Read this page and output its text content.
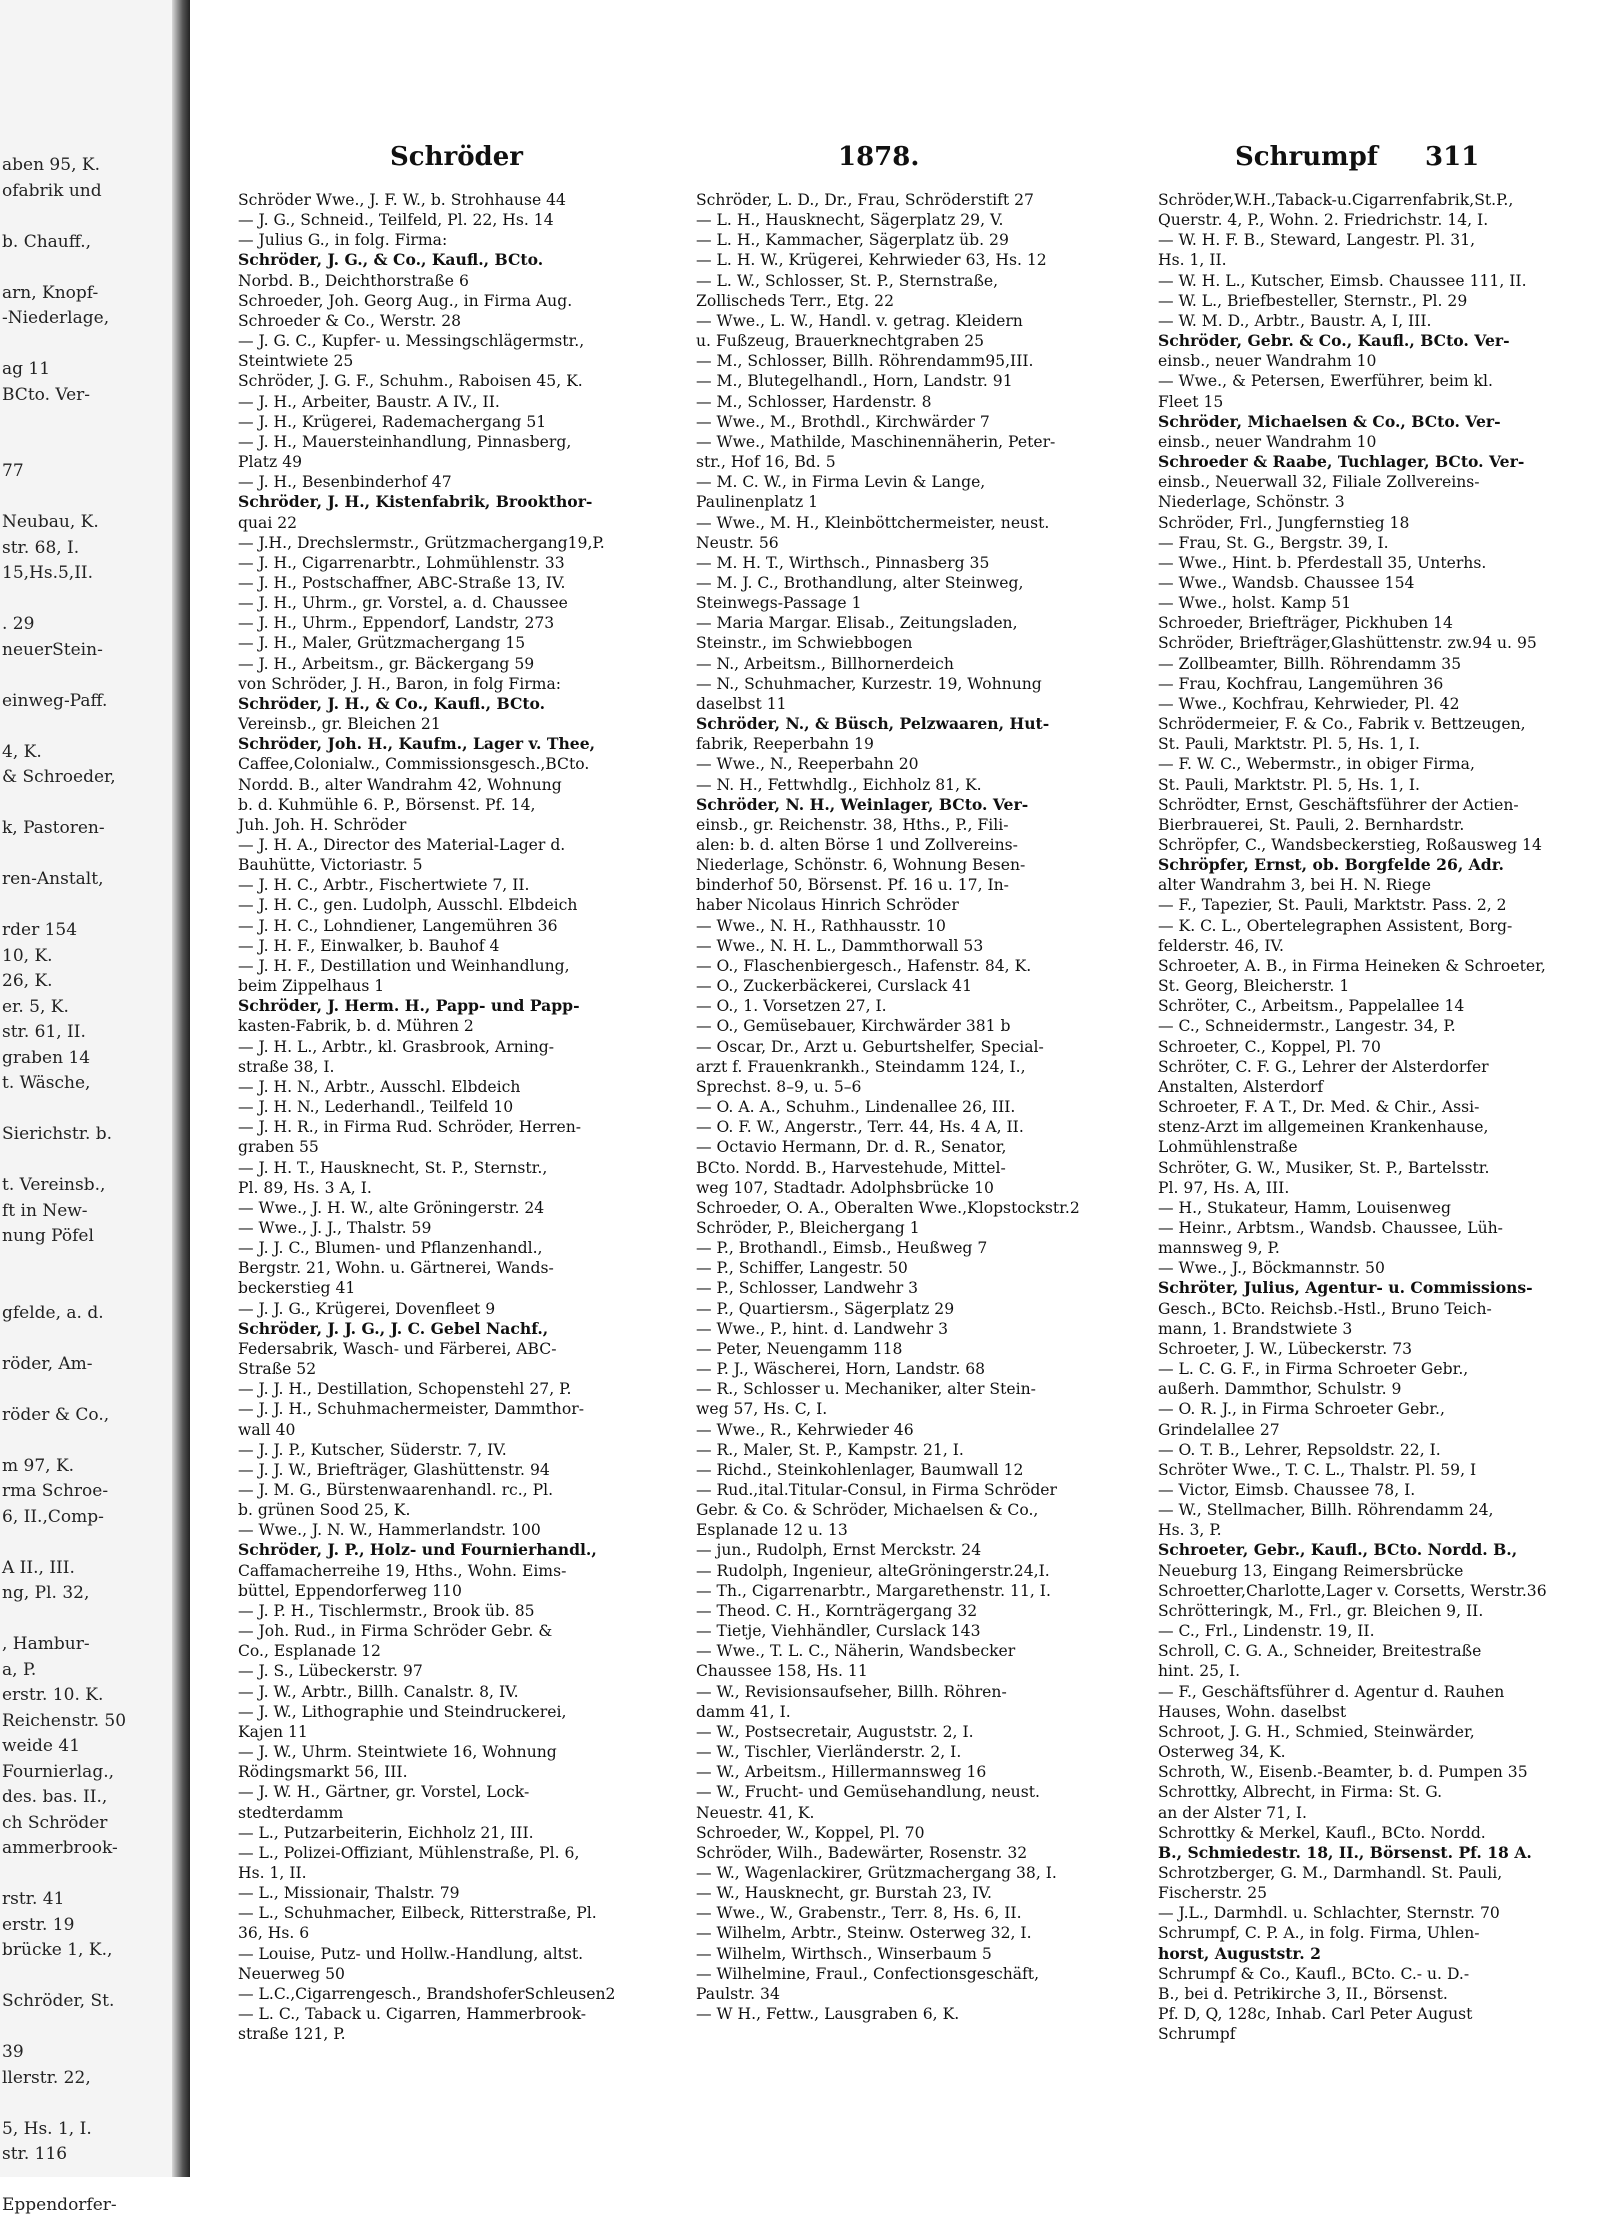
aben 95, K.
ofabrik und
b. Chauff.,
arn, Knopf-
-Niederlage,
ag 11
BCto. Ver-
77
Neubau, K.
str. 68, I.
15,Hs.5,II.
. 29
neuerStein-
einweg-Paff.
4, K.
& Schroeder,
k, Pastoren-
ren-Anstalt,
rder 154
10, K.
26, K.
er. 5, K.
str. 61, II.
graben 14
t. Wäsche,
Sierichstr. b.
t. Vereinsb.,
ft in New-
nung Pöfel
gfelde, a. d.
röder, Am-
röder & Co.,
m 97, K.
rma Schroe-
6, II.,Comp-
A II., III.
ng, Pl. 32,
, Hambur-
a, P.
erstr. 10. K.
Reichenstr. 50
weide 41
Fournierlag.,
des. bas. II.,
ch Schröder
ammerbrook-
rstr. 41
erstr. 19
brücke 1, K.,
Schröder, St.
39
llerstr. 22,
5, Hs. 1, I.
str. 116
Eppendorfer-
Schröder	1878.	Schrumpf 311
Schröder Wwe., J. F. W., b. Strohhause 44
— J. G., Schneid., Teilfeld, Pl. 22, Hs. 14
— Julius G., in folg. Firma:
Schröder, J. G., & Co., Kaufl., BCto.
Norbd. B., Deichthorstraße 6
Schroeder, Joh. Georg Aug., in Firma Aug.
Schroeder & Co., Werstr. 28
— J. G. C., Kupfer- u. Messingschlägermstr.,
Steintwiete 25
Schröder, J. G. F., Schuhm., Raboisen 45, K.
— J. H., Arbeiter, Baustr. A IV., II.
— J. H., Krügerei, Rademachergang 51
— J. H., Mauersteinhandlung, Pinnasberg,
Platz 49
— J. H., Besenbinderhof 47
Schröder, J. H., Kistenfabrik, Brookthor-
quai 22
— J.H., Drechslermstr., Grützmachergang19,P.
— J. H., Cigarrenarbtr., Lohmühlenstr. 33
— J. H., Postschaffner, ABC-Straße 13, IV.
— J. H., Uhrm., gr. Vorstel, a. d. Chaussee
— J. H., Uhrm., Eppendorf, Landstr, 273
— J. H., Maler, Grützmachergang 15
— J. H., Arbeitsm., gr. Bäckergang 59
von Schröder, J. H., Baron, in folg Firma:
Schröder, J. H., & Co., Kaufl., BCto.
Vereinsb., gr. Bleichen 21
Schröder, Joh. H., Kaufm., Lager v. Thee,
Caffee,Colonialw., Commissionsgesch.,BCto.
Nordd. B., alter Wandrahm 42, Wohnung
b. d. Kuhmühle 6. P., Börsenst. Pf. 14,
Juh. Joh. H. Schröder
— J. H. A., Director des Material-Lager d.
Bauhütte, Victoriastr. 5
— J. H. C., Arbtr., Fischertwiete 7, II.
— J. H. C., gen. Ludolph, Ausschl. Elbdeich
— J. H. C., Lohndiener, Langemühren 36
— J. H. F., Einwalker, b. Bauhof 4
— J. H. F., Destillation und Weinhandlung,
beim Zippelhaus 1
Schröder, J. Herm. H., Papp- und Papp-
kasten-Fabrik, b. d. Mühren 2
— J. H. L., Arbtr., kl. Grasbrook, Arning-
straße 38, I.
— J. H. N., Arbtr., Ausschl. Elbdeich
— J. H. N., Lederhandl., Teilfeld 10
— J. H. R., in Firma Rud. Schröder, Herren-
graben 55
— J. H. T., Hausknecht, St. P., Sternstr.,
Pl. 89, Hs. 3 A, I.
— Wwe., J. H. W., alte Gröningerstr. 24
— Wwe., J. J., Thalstr. 59
— J. J. C., Blumen- und Pflanzenhandl.,
Bergstr. 21, Wohn. u. Gärtnerei, Wands-
beckerstieg 41
— J. J. G., Krügerei, Dovenfleet 9
Schröder, J. J. G., J. C. Gebel Nachf.,
Federsabrik, Wasch- und Färberei, ABC-
Straße 52
— J. J. H., Destillation, Schopenstehl 27, P.
— J. J. H., Schuhmachermeister, Dammthor-
wall 40
— J. J. P., Kutscher, Süderstr. 7, IV.
— J. J. W., Briefträger, Glashüttenstr. 94
— J. M. G., Bürstenwaarenhandl. rc., Pl.
b. grünen Sood 25, K.
— Wwe., J. N. W., Hammerlandstr. 100
Schröder, J. P., Holz- und Fournierhandl.,
Caffamacherreihe 19, Hths., Wohn. Eims-
büttel, Eppendorferweg 110
— J. P. H., Tischlermstr., Brook üb. 85
— Joh. Rud., in Firma Schröder Gebr. &
Co., Esplanade 12
— J. S., Lübeckerstr. 97
— J. W., Arbtr., Billh. Canalstr. 8, IV.
— J. W., Lithographie und Steindruckerei,
Kajen 11
— J. W., Uhrm. Steintwiete 16, Wohnung
Rödingsmarkt 56, III.
— J. W. H., Gärtner, gr. Vorstel, Lock-
stedterdamm
— L., Putzarbeiterin, Eichholz 21, III.
— L., Polizei-Offiziant, Mühlenstraße, Pl. 6,
Hs. 1, II.
— L., Missionair, Thalstr. 79
— L., Schuhmacher, Eilbeck, Ritterstraße, Pl.
36, Hs. 6
— Louise, Putz- und Hollw.-Handlung, altst.
Neuerweg 50
— L.C.,Cigarrengesch., BrandshoferSchleusen2
— L. C., Taback u. Cigarren, Hammerbrook-
straße 121, P.
Schröder, L. D., Dr., Frau, Schröderstift 27
— L. H., Hausknecht, Sägerplatz 29, V.
— L. H., Kammacher, Sägerplatz üb. 29
— L. H. W., Krügerei, Kehrwieder 63, Hs. 12
— L. W., Schlosser, St. P., Sternstraße,
Zollischeds Terr., Etg. 22
— Wwe., L. W., Handl. v. getrag. Kleidern
u. Fußzeug, Brauerknechtgraben 25
— M., Schlosser, Billh. Röhrendamm95,III.
— M., Blutegelhandl., Horn, Landstr. 91
— M., Schlosser, Hardenstr. 8
— Wwe., M., Brothdl., Kirchwärder 7
— Wwe., Mathilde, Maschinennäherin, Peter-
str., Hof 16, Bd. 5
— M. C. W., in Firma Levin & Lange,
Paulinenplatz 1
— Wwe., M. H., Kleinböttchermeister, neust.
Neustr. 56
— M. H. T., Wirthsch., Pinnasberg 35
— M. J. C., Brothandlung, alter Steinweg,
Steinwegs-Passage 1
— Maria Margar. Elisab., Zeitungsladen,
Steinstr., im Schwiebbogen
— N., Arbeitsm., Billhornerdeich
— N., Schuhmacher, Kurzestr. 19, Wohnung
daselbst 11
Schröder, N., & Büsch, Pelzwaaren, Hut-
fabrik, Reeperbahn 19
— Wwe., N., Reeperbahn 20
— N. H., Fettwhdlg., Eichholz 81, K.
Schröder, N. H., Weinlager, BCto. Ver-
einsb., gr. Reichenstr. 38, Hths., P., Fili-
alen: b. d. alten Börse 1 und Zollvereins-
Niederlage, Schönstr. 6, Wohnung Besen-
binderhof 50, Börsenst. Pf. 16 u. 17, In-
haber Nicolaus Hinrich Schröder
— Wwe., N. H., Rathhausstr. 10
— Wwe., N. H. L., Dammthorwall 53
— O., Flaschenbiergesch., Hafenstr. 84, K.
— O., Zuckerbäckerei, Curslack 41
— O., 1. Vorsetzen 27, I.
— O., Gemüsebauer, Kirchwärder 381 b
— Oscar, Dr., Arzt u. Geburtshelfer, Special-
arzt f. Frauenkrankh., Steindamm 124, I.,
Sprechst. 8–9, u. 5–6
— O. A. A., Schuhm., Lindenallee 26, III.
— O. F. W., Angerstr., Terr. 44, Hs. 4 A, II.
— Octavio Hermann, Dr. d. R., Senator,
BCto. Nordd. B., Harvestehude, Mittel-
weg 107, Stadtadr. Adolphsbrücke 10
Schroeder, O. A., Oberalten Wwe.,Klopstockstr.2
Schröder, P., Bleichergang 1
— P., Brothandl., Eimsb., Heußweg 7
— P., Schiffer, Langestr. 50
— P., Schlosser, Landwehr 3
— P., Quartiersm., Sägerplatz 29
— Wwe., P., hint. d. Landwehr 3
— Peter, Neuengamm 118
— P. J., Wäscherei, Horn, Landstr. 68
— R., Schlosser u. Mechaniker, alter Stein-
weg 57, Hs. C, I.
— Wwe., R., Kehrwieder 46
— R., Maler, St. P., Kampstr. 21, I.
— Richd., Steinkohlenlager, Baumwall 12
— Rud.,ital.Titular-Consul, in Firma Schröder
Gebr. & Co. & Schröder, Michaelsen & Co.,
Esplanade 12 u. 13
— jun., Rudolph, Ernst Merckstr. 24
— Rudolph, Ingenieur, alteGröningerstr.24,I.
— Th., Cigarrenarbtr., Margarethenstr. 11, I.
— Theod. C. H., Kornträgergang 32
— Tietje, Viehhändler, Curslack 143
— Wwe., T. L. C., Näherin, Wandsbecker
Chaussee 158, Hs. 11
— W., Revisionsaufseher, Billh. Röhren-
damm 41, I.
— W., Postsecretair, Auguststr. 2, I.
— W., Tischler, Vierländerstr. 2, I.
— W., Arbeitsm., Hillermannsweg 16
— W., Frucht- und Gemüsehandlung, neust.
Neuestr. 41, K.
Schroeder, W., Koppel, Pl. 70
Schröder, Wilh., Badewärter, Rosenstr. 32
— W., Wagenlackirer, Grützmachergang 38, I.
— W., Hausknecht, gr. Burstah 23, IV.
— Wwe., W., Grabenstr., Terr. 8, Hs. 6, II.
— Wilhelm, Arbtr., Steinw. Osterweg 32, I.
— Wilhelm, Wirthsch., Winserbaum 5
— Wilhelmine, Fraul., Confectionsgeschäft,
Paulstr. 34
— W H., Fettw., Lausgraben 6, K.
Schröder,W.H.,Taback-u.Cigarrenfabrik,St.P.,
Querstr. 4, P., Wohn. 2. Friedrichstr. 14, I.
— W. H. F. B., Steward, Langestr. Pl. 31,
Hs. 1, II.
— W. H. L., Kutscher, Eimsb. Chaussee 111, II.
— W. L., Briefbesteller, Sternstr., Pl. 29
— W. M. D., Arbtr., Baustr. A, I, III.
Schröder, Gebr. & Co., Kaufl., BCto. Ver-
einsb., neuer Wandrahm 10
— Wwe., & Petersen, Ewerführer, beim kl.
Fleet 15
Schröder, Michaelsen & Co., BCto. Ver-
einsb., neuer Wandrahm 10
Schroeder & Raabe, Tuchlager, BCto. Ver-
einsb., Neuerwall 32, Filiale Zollvereins-
Niederlage, Schönstr. 3
Schröder, Frl., Jungfernstieg 18
— Frau, St. G., Bergstr. 39, I.
— Wwe., Hint. b. Pferdestall 35, Unterhs.
— Wwe., Wandsb. Chaussee 154
— Wwe., holst. Kamp 51
Schroeder, Briefträger, Pickhuben 14
Schröder, Briefträger,Glashüttenstr. zw.94 u. 95
— Zollbeamter, Billh. Röhrendamm 35
— Frau, Kochfrau, Langemühren 36
— Wwe., Kochfrau, Kehrwieder, Pl. 42
Schrödermeier, F. & Co., Fabrik v. Bettzeugen,
St. Pauli, Marktstr. Pl. 5, Hs. 1, I.
— F. W. C., Webermstr., in obiger Firma,
St. Pauli, Marktstr. Pl. 5, Hs. 1, I.
Schrödter, Ernst, Geschäftsführer der Actien-
Bierbrauerei, St. Pauli, 2. Bernhardstr.
Schröpfer, C., Wandsbeckerstieg, Roßausweg 14
Schröpfer, Ernst, ob. Borgfelde 26, Adr.
alter Wandrahm 3, bei H. N. Riege
— F., Tapezier, St. Pauli, Marktstr. Pass. 2, 2
— K. C. L., Obertelegraphen Assistent, Borg-
felderstr. 46, IV.
Schroeter, A. B., in Firma Heineken & Schroeter,
St. Georg, Bleicherstr. 1
Schröter, C., Arbeitsm., Pappelallee 14
— C., Schneidermstr., Langestr. 34, P.
Schroeter, C., Koppel, Pl. 70
Schröter, C. F. G., Lehrer der Alsterdorfer
Anstalten, Alsterdorf
Schroeter, F. A T., Dr. Med. & Chir., Assi-
stenz-Arzt im allgemeinen Krankenhause,
Lohmühlenstraße
Schröter, G. W., Musiker, St. P., Bartelsstr.
Pl. 97, Hs. A, III.
— H., Stukateur, Hamm, Louisenweg
— Heinr., Arbtsm., Wandsb. Chaussee, Lüh-
mannsweg 9, P.
— Wwe., J., Böckmannstr. 50
Schröter, Julius, Agentur- u. Commissions-
Gesch., BCto. Reichsb.-Hstl., Bruno Teich-
mann, 1. Brandstwiete 3
Schroeter, J. W., Lübeckerstr. 73
— L. C. G. F., in Firma Schroeter Gebr.,
außerh. Dammthor, Schulstr. 9
— O. R. J., in Firma Schroeter Gebr.,
Grindelallee 27
— O. T. B., Lehrer, Repsoldstr. 22, I.
Schröter Wwe., T. C. L., Thalstr. Pl. 59, I
— Victor, Eimsb. Chaussee 78, I.
— W., Stellmacher, Billh. Röhrendamm 24,
Hs. 3, P.
Schroeter, Gebr., Kaufl., BCto. Nordd. B.,
Neueburg 13, Eingang Reimersbrücke
Schroetter,Charlotte,Lager v. Corsetts, Werstr.36
Schrötteringk, M., Frl., gr. Bleichen 9, II.
— C., Frl., Lindenstr. 19, II.
Schroll, C. G. A., Schneider, Breitestraße
hint. 25, I.
— F., Geschäftsführer d. Agentur d. Rauhen
Hauses, Wohn. daselbst
Schroot, J. G. H., Schmied, Steinwärder,
Osterweg 34, K.
Schroth, W., Eisenb.-Beamter, b. d. Pumpen 35
Schrottky, Albrecht, in Firma: St. G.
an der Alster 71, I.
Schrottky & Merkel, Kaufl., BCto. Nordd.
B., Schmiedestr. 18, II., Börsenst. Pf. 18 A.
Schrotzberger, G. M., Darmhandl. St. Pauli,
Fischerstr. 25
— J.L., Darmhdl. u. Schlachter, Sternstr. 70
Schrumpf, C. P. A., in folg. Firma, Uhlen-
horst, Auguststr. 2
Schrumpf & Co., Kaufl., BCto. C.- u. D.-
B., bei d. Petrikirche 3, II., Börsenst.
Pf. D, Q, 128c, Inhab. Carl Peter August
Schrumpf
